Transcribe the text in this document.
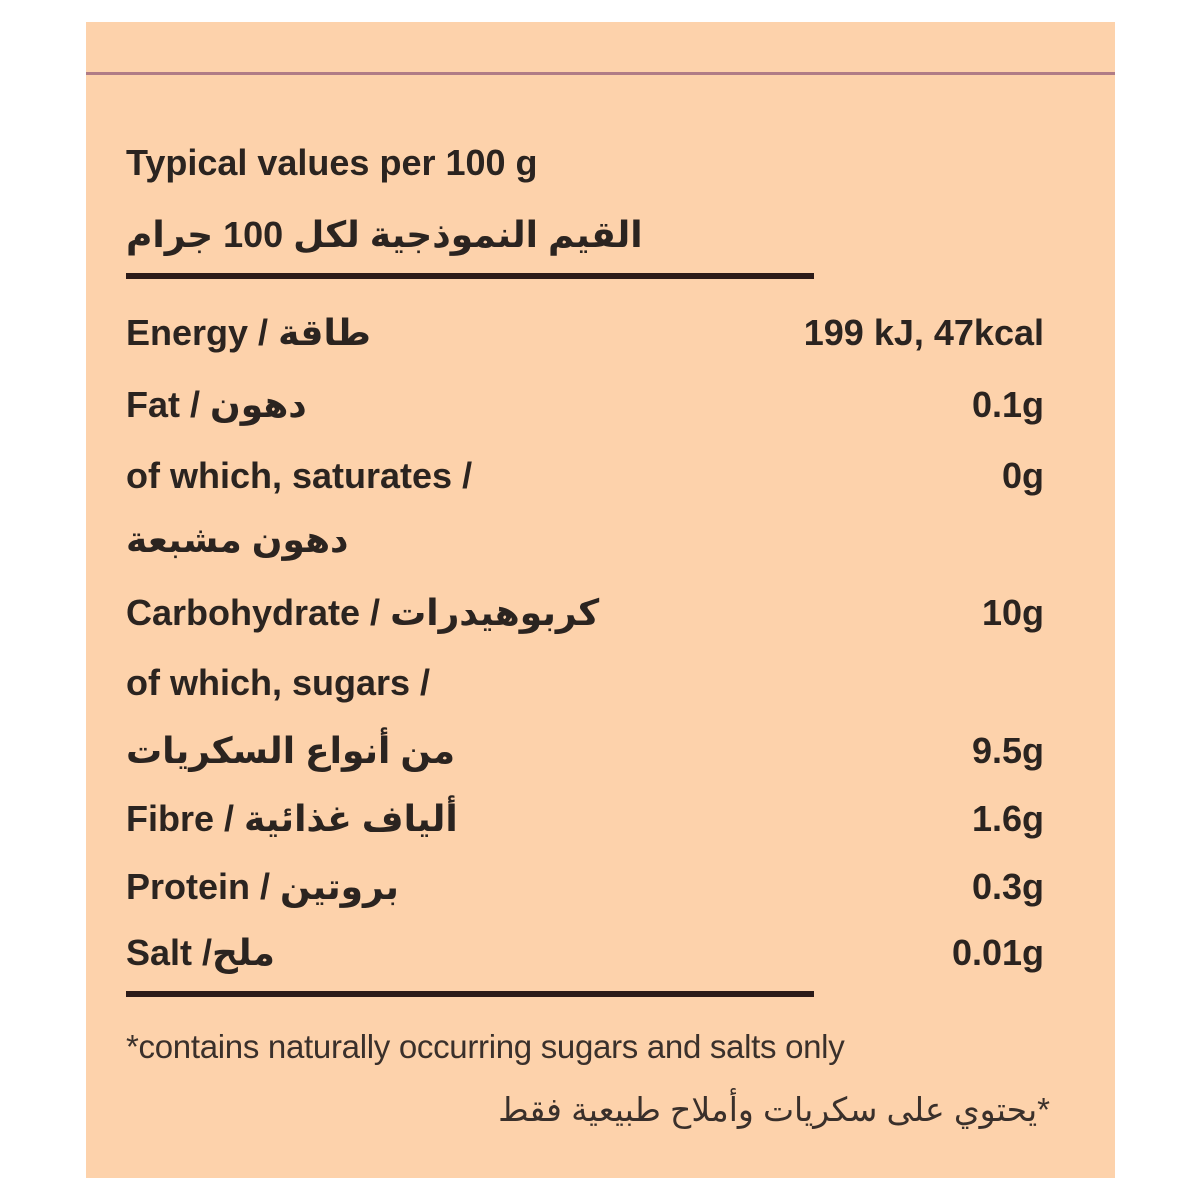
Typical values per 100 g
القيم النموذجية لكل 100 جرام
Energy / طاقة	199 kJ, 47kcal
Fat / دهون	0.1g
of which, saturates /	0g
دهون مشبعة
Carbohydrate / كربوهيدرات	10g
of which, sugars /
من أنواع السكريات	9.5g
Fibre / ألياف غذائية	1.6g
Protein / بروتين	0.3g
Salt /ملح	0.01g
*contains naturally occurring sugars and salts only
*يحتوي على سكريات وأملاح طبيعية فقط
